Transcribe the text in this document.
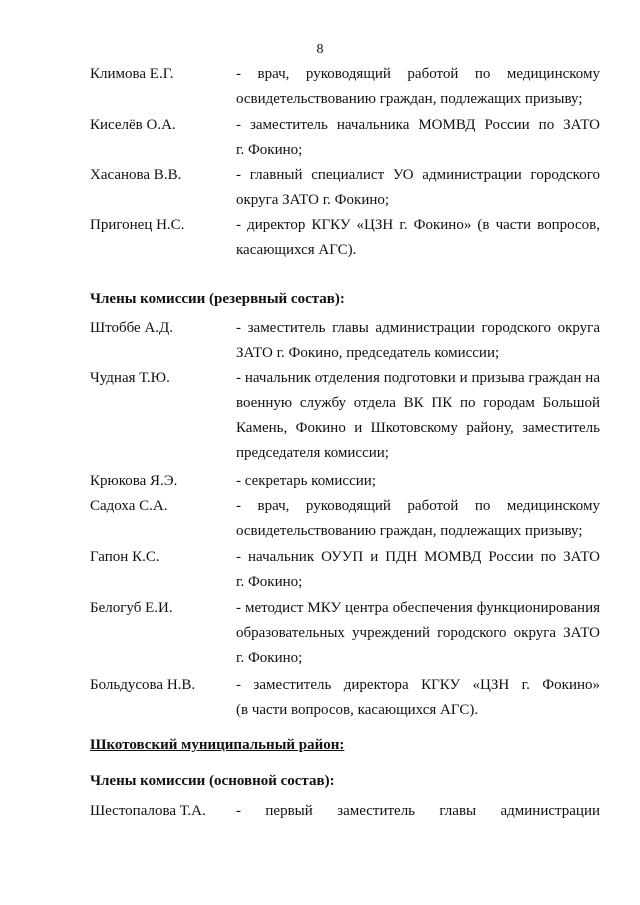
8
Климова Е.Г.	- врач, руководящий работой по медицинскому
освидетельствованию граждан, подлежащих призыву;
Киселёв О.А.	- заместитель начальника МОМВД России по ЗАТО
г. Фокино;
Хасанова В.В.	- главный специалист УО администрации городского
округа ЗАТО г. Фокино;
Пригонец Н.С.	- директор КГКУ «ЦЗН г. Фокино» (в части вопросов,
касающихся АГС).
Члены комиссии (резервный состав):
Штоббе А.Д.	- заместитель главы администрации городского округа
ЗАТО г. Фокино, председатель комиссии;
Чудная Т.Ю.	- начальник отделения подготовки и призыва граждан на
военную службу отдела ВК ПК по городам Большой
Камень, Фокино и Шкотовскому району, заместитель
председателя комиссии;
Крюкова Я.Э.	- секретарь комиссии;
Садоха С.А.	- врач, руководящий работой по медицинскому
освидетельствованию граждан, подлежащих призыву;
Гапон К.С.	- начальник ОУУП и ПДН МОМВД России по ЗАТО
г. Фокино;
Белогуб Е.И.	- методист МКУ центра обеспечения функционирования
образовательных учреждений городского округа ЗАТО
г. Фокино;
Больдусова Н.В.	- заместитель директора КГКУ «ЦЗН г. Фокино»
(в части вопросов, касающихся АГС).
Шкотовский муниципальный район:
Члены комиссии (основной состав):
Шестопалова Т.А.	- первый заместитель главы администрации
